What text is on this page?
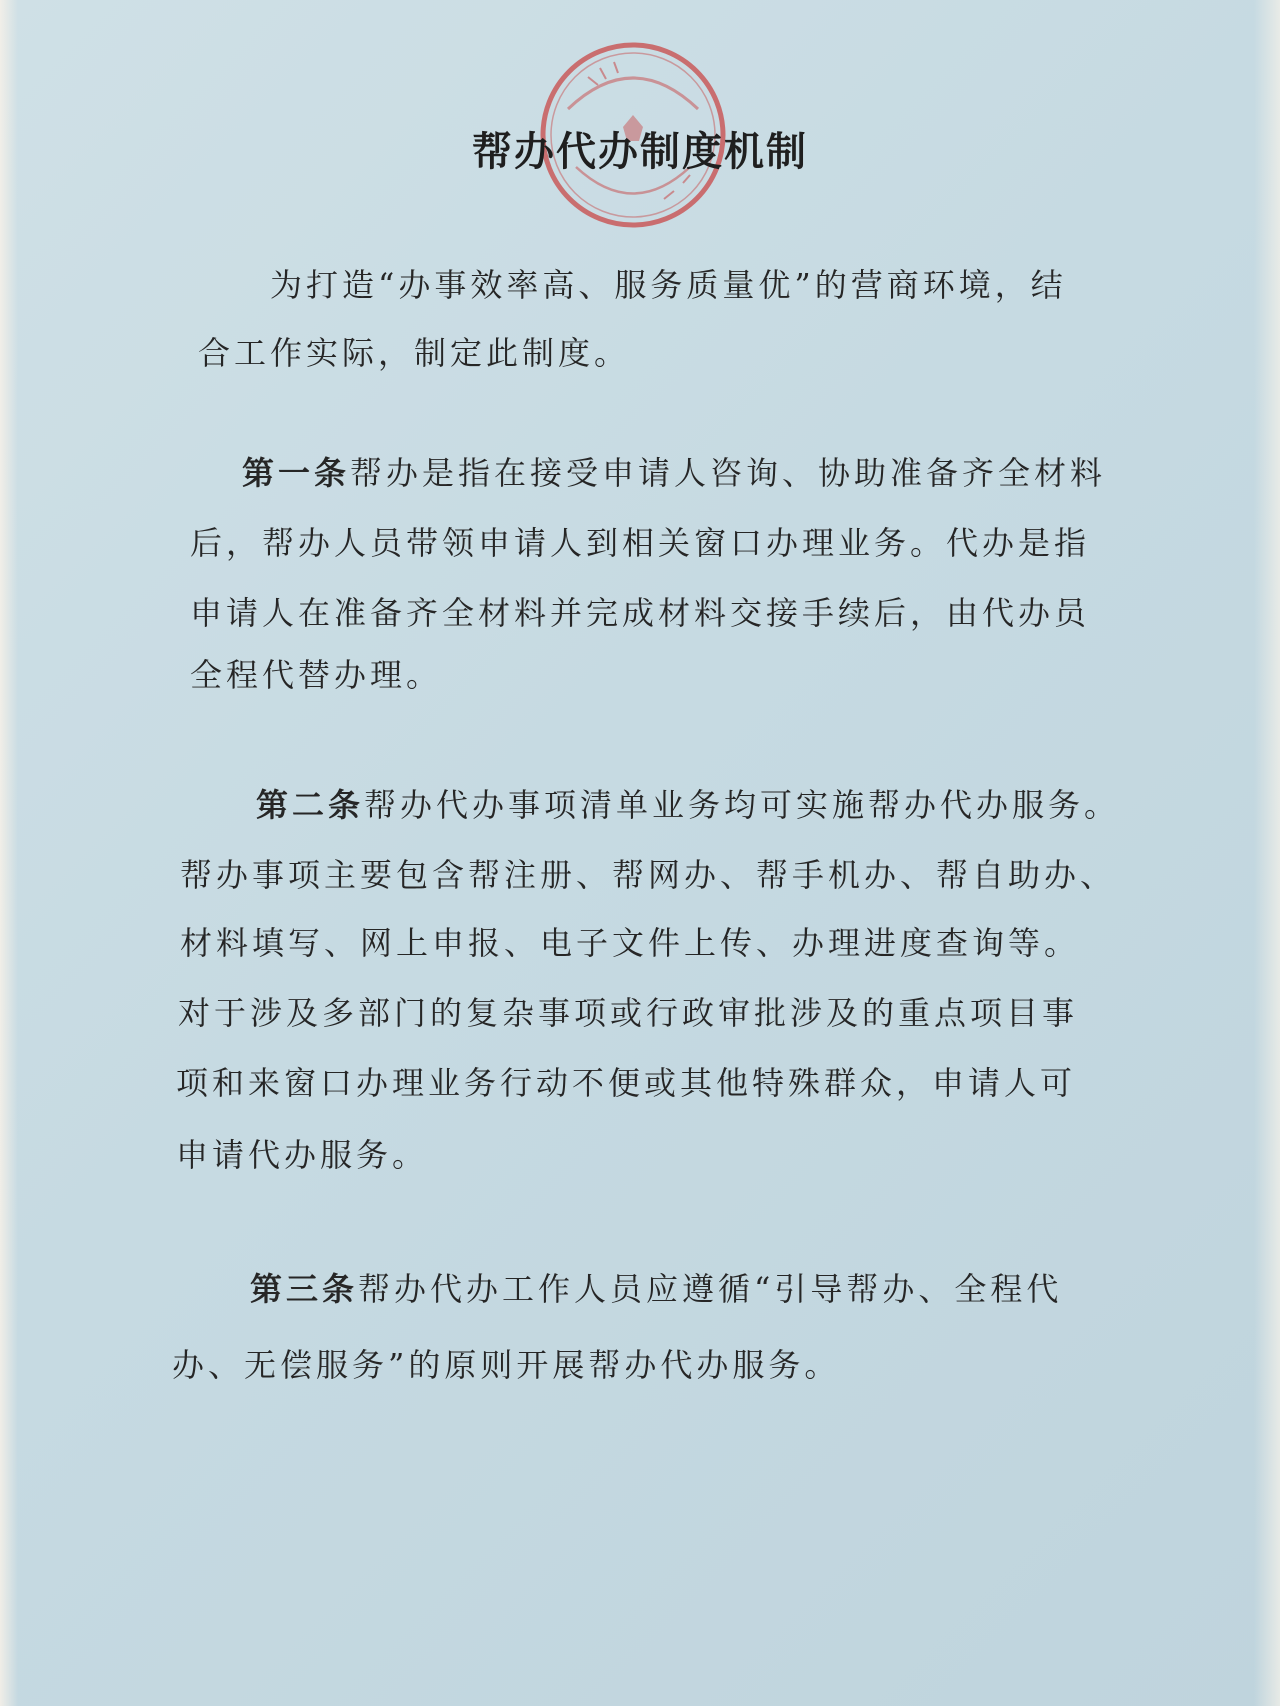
帮办代办制度机制
为打造“办事效率高、服务质量优”的营商环境，结
合工作实际，制定此制度。
第一条帮办是指在接受申请人咨询、协助准备齐全材料
后，帮办人员带领申请人到相关窗口办理业务。代办是指
申请人在准备齐全材料并完成材料交接手续后，由代办员
全程代替办理。
第二条帮办代办事项清单业务均可实施帮办代办服务。
帮办事项主要包含帮注册、帮网办、帮手机办、帮自助办、
材料填写、网上申报、电子文件上传、办理进度查询等。
对于涉及多部门的复杂事项或行政审批涉及的重点项目事
项和来窗口办理业务行动不便或其他特殊群众，申请人可
申请代办服务。
第三条帮办代办工作人员应遵循“引导帮办、全程代
办、无偿服务”的原则开展帮办代办服务。
